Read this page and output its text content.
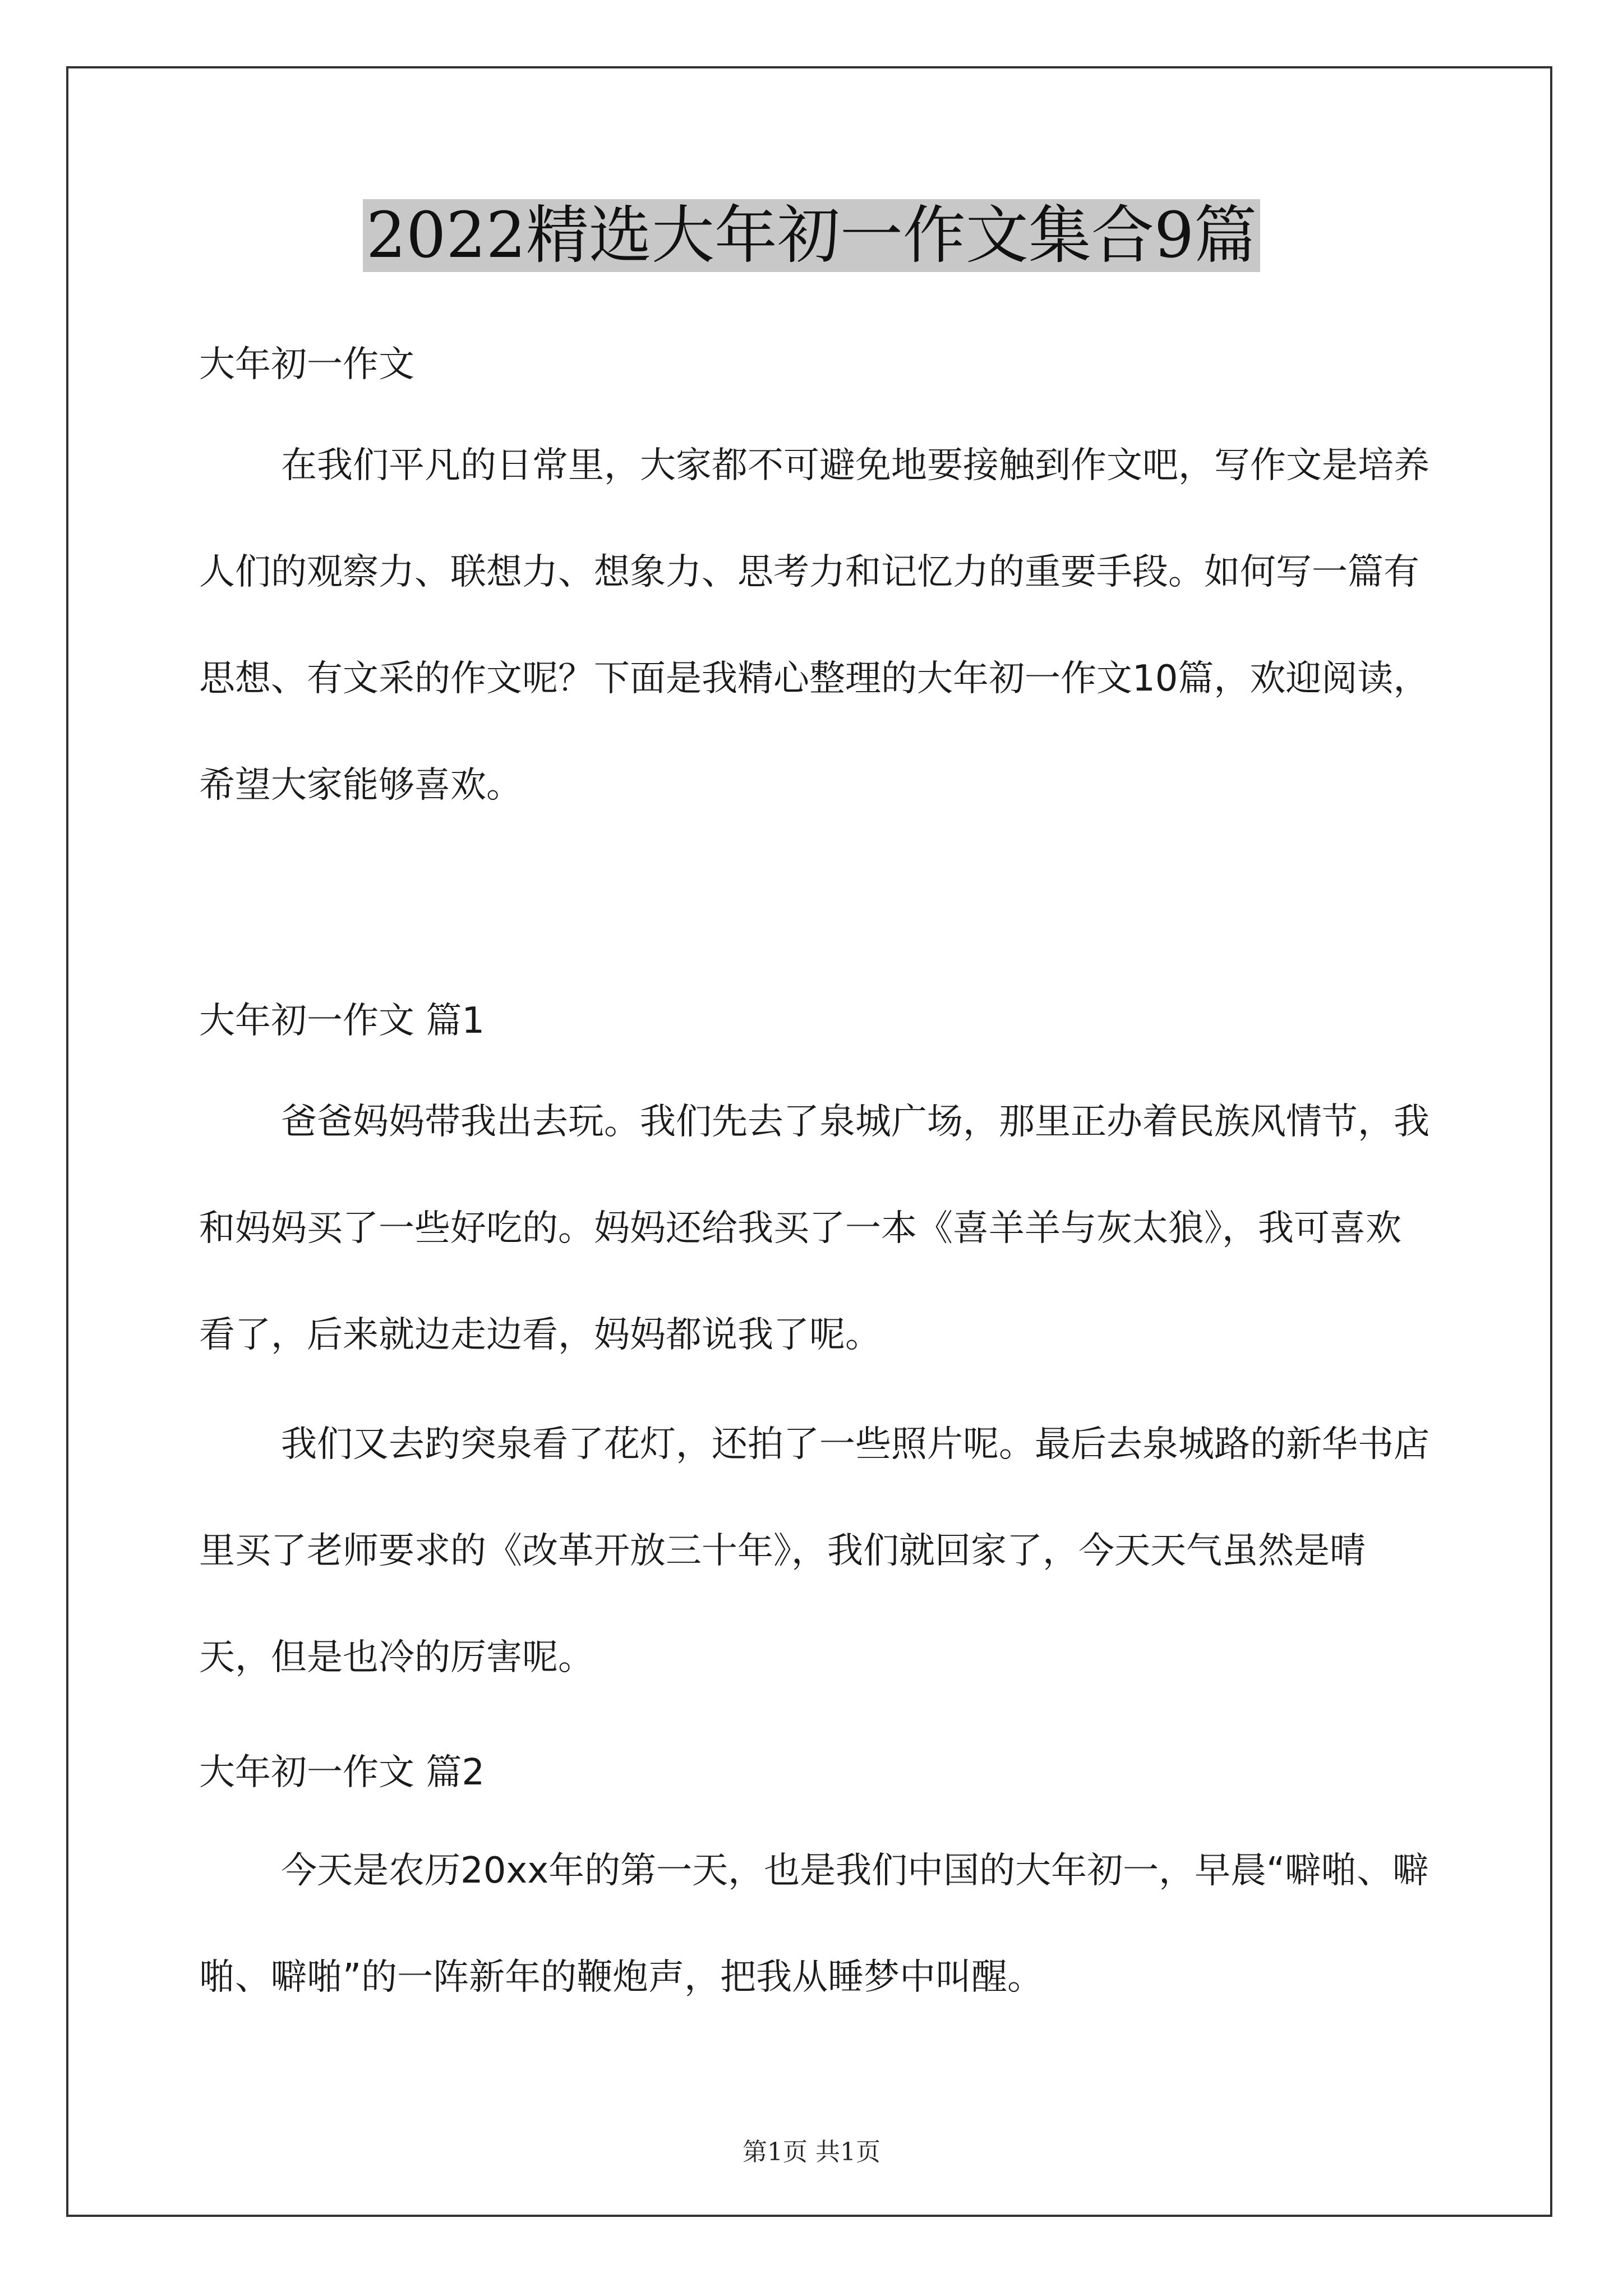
2022精选大年初一作文集合9篇
大年初一作文

在我们平凡的日常里，大家都不可避免地要接触到作文吧，写作文是培养人们的观察力、联想力、想象力、思考力和记忆力的重要手段。如何写一篇有思想、有文采的作文呢？下面是我精心整理的大年初一作文10篇，欢迎阅读，希望大家能够喜欢。

大年初一作文 篇1

爸爸妈妈带我出去玩。我们先去了泉城广场，那里正办着民族风情节，我和妈妈买了一些好吃的。妈妈还给我买了一本《喜羊羊与灰太狼》，我可喜欢看了，后来就边走边看，妈妈都说我了呢。

我们又去趵突泉看了花灯，还拍了一些照片呢。最后去泉城路的新华书店里买了老师要求的《改革开放三十年》，我们就回家了，今天天气虽然是晴天，但是也冷的厉害呢。

大年初一作文 篇2

今天是农历20xx年的第一天，也是我们中国的大年初一，早晨“噼啪、噼啪、噼啪”的一阵新年的鞭炮声，把我从睡梦中叫醒。

第1页 共1页
